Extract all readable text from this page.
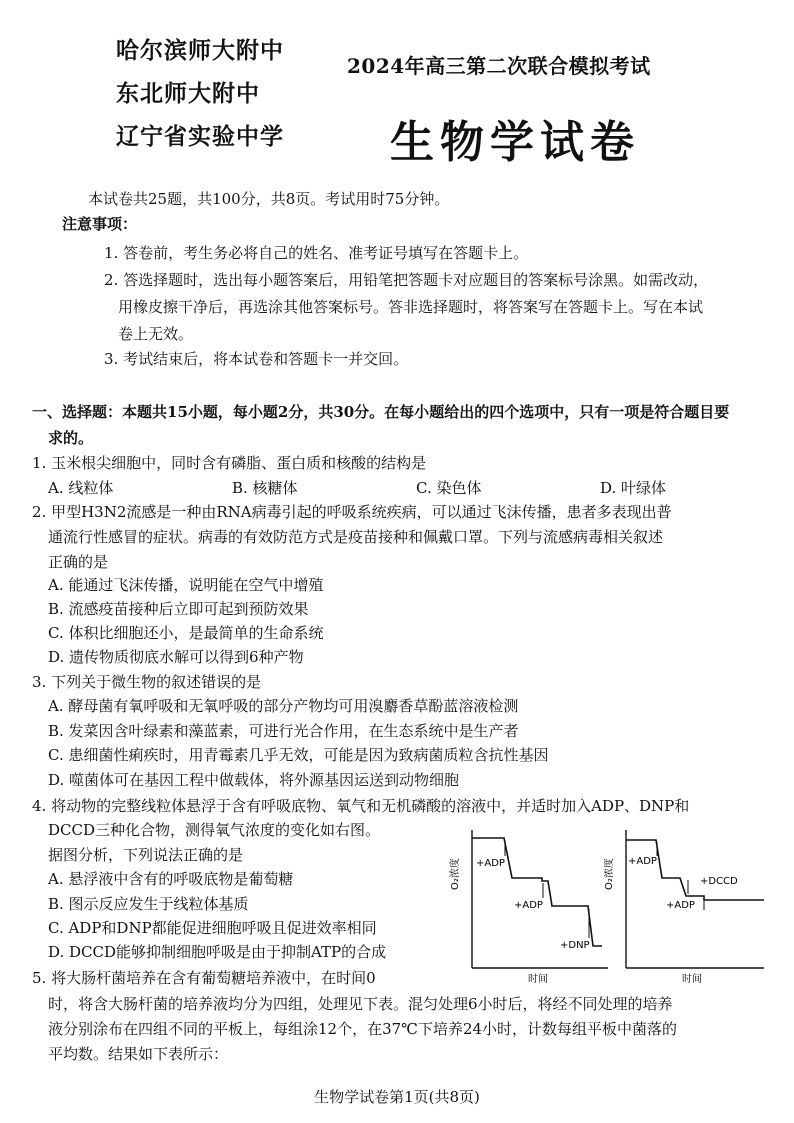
哈尔滨师大附中
东北师大附中
辽宁省实验中学
2024年高三第二次联合模拟考试
生物学试卷
本试卷共25题，共100分，共8页。考试用时75分钟。
注意事项：
1. 答卷前，考生务必将自己的姓名、准考证号填写在答题卡上。
2. 答选择题时，选出每小题答案后，用铅笔把答题卡对应题目的答案标号涂黑。如需改动，
用橡皮擦干净后，再选涂其他答案标号。答非选择题时，将答案写在答题卡上。写在本试
卷上无效。
3. 考试结束后，将本试卷和答题卡一并交回。
一、选择题：本题共15小题，每小题2分，共30分。在每小题给出的四个选项中，只有一项是符合题目要
求的。
1. 玉米根尖细胞中，同时含有磷脂、蛋白质和核酸的结构是
A. 线粒体	B. 核糖体	C. 染色体	D. 叶绿体
2. 甲型H3N2流感是一种由RNA病毒引起的呼吸系统疾病，可以通过飞沫传播，患者多表现出普
通流行性感冒的症状。病毒的有效防范方式是疫苗接种和佩戴口罩。下列与流感病毒相关叙述
正确的是
A. 能通过飞沫传播，说明能在空气中增殖
B. 流感疫苗接种后立即可起到预防效果
C. 体积比细胞还小，是最简单的生命系统
D. 遗传物质彻底水解可以得到6种产物
3. 下列关于微生物的叙述错误的是
A. 酵母菌有氧呼吸和无氧呼吸的部分产物均可用溴麝香草酚蓝溶液检测
B. 发菜因含叶绿素和藻蓝素，可进行光合作用，在生态系统中是生产者
C. 患细菌性痢疾时，用青霉素几乎无效，可能是因为致病菌质粒含抗性基因
D. 噬菌体可在基因工程中做载体，将外源基因运送到动物细胞
4. 将动物的完整线粒体悬浮于含有呼吸底物、氧气和无机磷酸的溶液中，并适时加入ADP、DNP和
DCCD三种化合物，测得氧气浓度的变化如右图。
据图分析，下列说法正确的是
A. 悬浮液中含有的呼吸底物是葡萄糖
B. 图示反应发生于线粒体基质
C. ADP和DNP都能促进细胞呼吸且促进效率相同
D. DCCD能够抑制细胞呼吸是由于抑制ATP的合成
O₂浓度
时间
+ADP
+ADP
+DNP
O₂浓度
时间
+ADP
+DCCD
+ADP
5. 将大肠杆菌培养在含有葡萄糖培养液中，在时间0
时，将含大肠杆菌的培养液均分为四组，处理见下表。混匀处理6小时后，将经不同处理的培养
液分别涂布在四组不同的平板上，每组涂12个，在37℃下培养24小时，计数每组平板中菌落的
平均数。结果如下表所示：
生物学试卷第1页(共8页)
